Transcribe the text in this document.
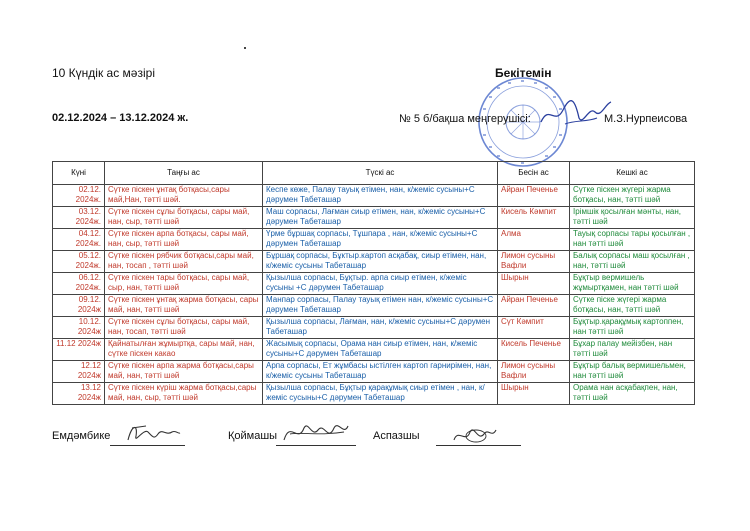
10 Күндік ас мәзірі	Бекітемін
02.12.2024 – 13.12.2024 ж.	№ 5 б/бақша меңгерушісі:	М.З.Нурпеисова
Күні	Таңғы ас	Түскі ас	Бесін ас	Кешкі ас
02.12. 2024ж.	Сүтке піскен ұнтақ ботқасы,сары май,Нан, тәтті шәй.	Кеспе көже, Палау тауық етімен, нан, к/жеміс сусыны+С дәрумен Табеташар	Айран Печенье	Сүтке піскен жүгері жарма ботқасы, нан, тәтті шәй
03.12. 2024ж.	Сүтке піскен сұлы ботқасы, сары май, нан, сыр, тәтті шәй	Маш сорпасы, Лағман сиыр етімен, нан, к/жеміс сусыны+С дәрумен Табеташар	Кисель Кәмпит	Ірімшік қосылған мәнты, нан, тәтті шәй
04.12. 2024ж.	Сүтке піскен арпа ботқасы, сары май, нан, сыр, тәтті шәй	Үрме бұршақ сорпасы, Тұшпара , нан, к/жеміс сусыны+С дәрумен Табеташар	Алма	Тауық сорпасы тары қосылған , нан тәтті шәй
05.12. 2024ж.	Сүтке піскен рябчик ботқасы,сары май, нан, тосап , тәтті шәй	Бұршақ сорпасы, Бұктыр.картоп асқабақ, сиыр етімен, нан, к/жеміс сусыны Табеташар	Лимон сусыны Вафли	Балық сорпасы маш қосылған , нан, тәтті шәй
06.12. 2024ж.	Сүтке піскен тары ботқасы, сары май, сыр, нан, тәтті шәй	Қызылша сорпасы, Бұқтыр. арпа сиыр етімен, к/жеміс сусыны +С дәрумен Табеташар	Шырын	Бұқтыр вермишель жұмыртқамен, нан тәтті шәй
09.12. 2024ж	Сүтке піскен ұнтақ жарма ботқасы, сары май, нан, тәтті шәй	Манпар сорпасы, Палау тауық етімен нан, к/жеміс сусыны+С дәрумен Табеташар	Айран Печенье	Сүтке піске жүгері жарма ботқасы, нан, тәтті шәй
10.12. 2024ж	Сүтке піскен сұлы ботқасы, сары май, нан, тосап, тәтті шәй	Қызылша сорпасы, Лағман, нан, к/жеміс сусыны+С дәрумен Табеташар	Сүт Кәмпит	Бұқтыр.қарақұмық картоппен, нан тәтті шәй
11.12 2024ж	Қайнатылған жұмыртқа, сары май, нан, сүтке піскен какао	Жасымық сорпасы, Орама нан сиыр етімен, нан, к/жеміс сусыны+С дәрумен Табеташар	Кисель Печенье	Бұхар палау мейізбен, нан тәтті шәй
12.12 2024ж	Сүтке піскен арпа жарма ботқасы,сары май, нан, тәтті шәй	Арпа сорпасы, Ет жұмбасы ыстілген картоп гарнирімен, нан, к/жеміс сусыны Табеташар	Лимон сусыны Вафли	Бұқтыр балық вермишельмен, нан тәтті шәй
13.12 2024ж	Сүтке піскен күріш жарма ботқасы,сары май, нан, сыр, тәтті шәй	Қызылша сорпасы, Бұқтыр қарақұмық сиыр етімен , нан, к/жеміс сусыны+С дәрумен Табеташар	Шырын	Орама нан асқабақпен, нан, тәтті шәй
Емдәмбике	Қоймашы	Аспазшы
